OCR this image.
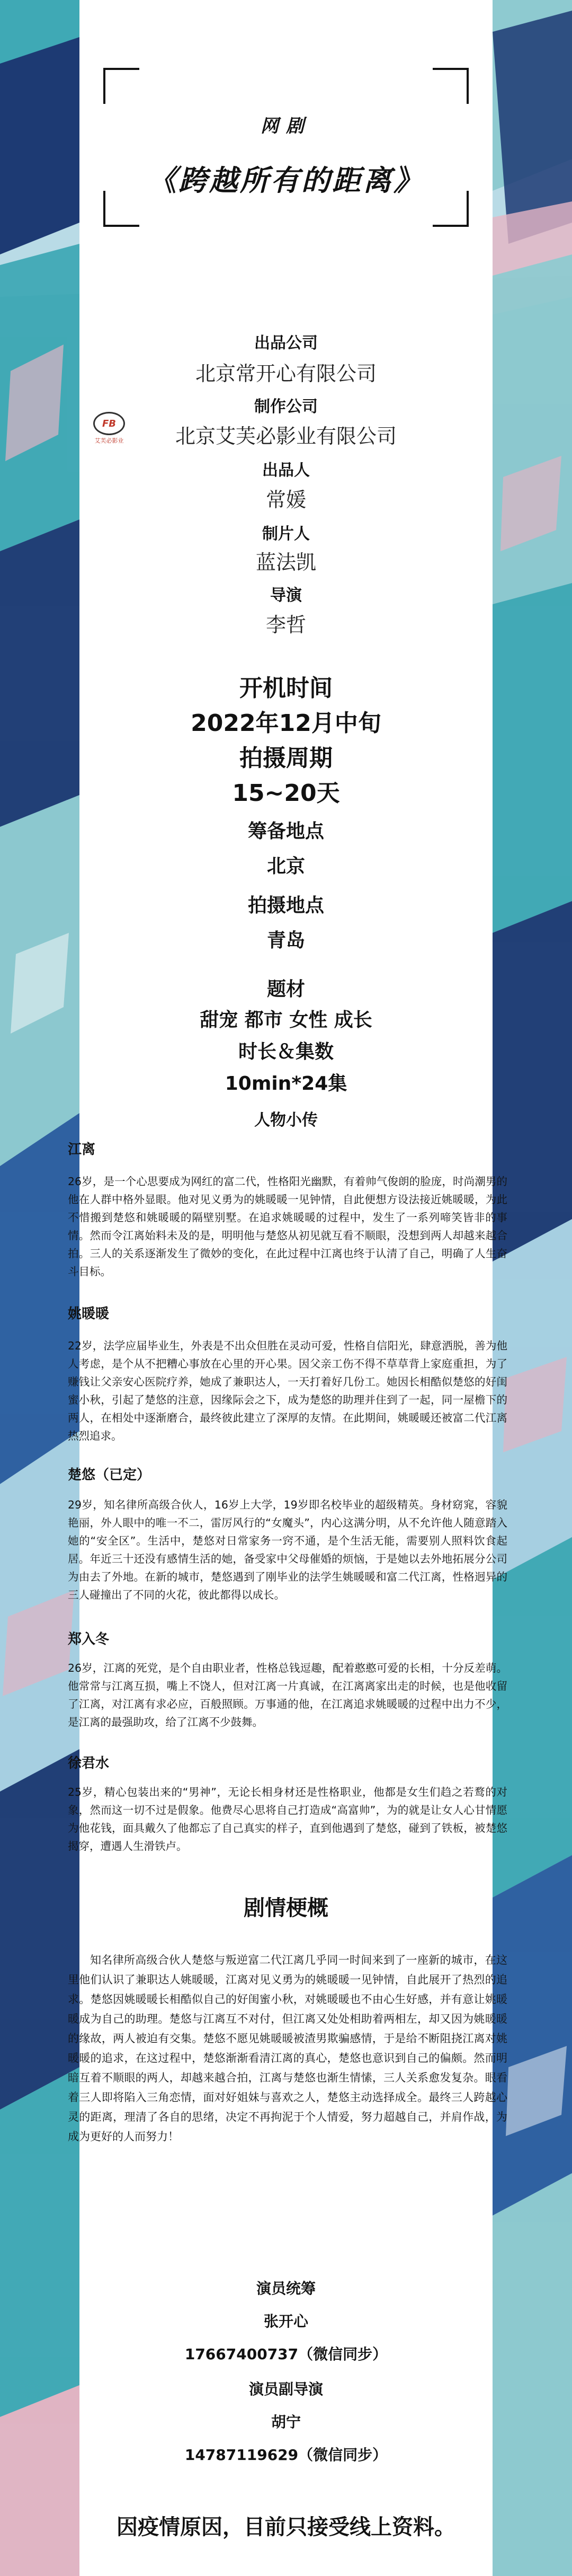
网剧
《跨越所有的距离》
出品公司
北京常开心有限公司
制作公司
FB
艾芙必影业	北京艾芙必影业有限公司
出品人
常媛
制片人
蓝法凯
导演
李哲
开机时间
2022年12月中旬
拍摄周期
15~20天
筹备地点
北京
拍摄地点
青岛
题材
甜宠 都市 女性 成长
时长＆集数
10min*24集
人物小传
江离
26岁，是一个心思要成为网红的富二代，性格阳光幽默，有着帅气俊朗的脸庞，时尚潮男的他在人群中格外显眼。他对见义勇为的姚暖暖一见钟情，自此便想方设法接近姚暖暖，为此不惜搬到楚悠和姚暖暖的隔壁别墅。在追求姚暖暖的过程中，发生了一系列啼笑皆非的事情。然而令江离始料未及的是，明明他与楚悠从初见就互看不顺眼，没想到两人却越来越合拍。三人的关系逐渐发生了微妙的变化，在此过程中江离也终于认清了自己，明确了人生奋斗目标。
姚暖暖
22岁，法学应届毕业生，外表是不出众但胜在灵动可爱，性格自信阳光，肆意洒脱，善为他人考虑，是个从不把糟心事放在心里的开心果。因父亲工伤不得不草草背上家庭重担，为了赚钱让父亲安心医院疗养，她成了兼职达人，一天打着好几份工。她因长相酷似楚悠的好闺蜜小秋，引起了楚悠的注意，因缘际会之下，成为楚悠的助理并住到了一起，同一屋檐下的两人，在相处中逐渐磨合，最终彼此建立了深厚的友情。在此期间，姚暖暖还被富二代江离热烈追求。
楚悠（已定）
29岁，知名律所高级合伙人，16岁上大学，19岁即名校毕业的超级精英。身材窈窕，容貌艳丽，外人眼中的唯一不二，雷厉风行的“女魔头”，内心这满分明，从不允许他人随意踏入她的“安全区”。生活中，楚悠对日常家务一窍不通，是个生活无能，需要别人照料饮食起居。年近三十还没有感情生活的她，备受家中父母催婚的烦恼，于是她以去外地拓展分公司为由去了外地。在新的城市，楚悠遇到了刚毕业的法学生姚暖暖和富二代江离，性格迥异的三人碰撞出了不同的火花，彼此都得以成长。
郑入冬
26岁，江离的死党，是个自由职业者，性格总钱逗趣，配着憨憨可爱的长相，十分反差萌。他常常与江离互损，嘴上不饶人，但对江离一片真诚，在江离离家出走的时候，也是他收留了江离，对江离有求必应，百般照顾。万事通的他，在江离追求姚暖暖的过程中出力不少，是江离的最强助攻，给了江离不少鼓舞。
徐君水
25岁，精心包装出来的“男神”，无论长相身材还是性格职业，他都是女生们趋之若鹜的对象，然而这一切不过是假象。他费尽心思将自己打造成“高富帅”，为的就是让女人心甘情愿为他花钱，面具戴久了他都忘了自己真实的样子，直到他遇到了楚悠，碰到了铁板，被楚悠揭穿，遭遇人生滑铁卢。
剧情梗概
知名律所高级合伙人楚悠与叛逆富二代江离几乎同一时间来到了一座新的城市，在这里他们认识了兼职达人姚暖暖，江离对见义勇为的姚暖暖一见钟情，自此展开了热烈的追求。楚悠因姚暖暖长相酷似自己的好闺蜜小秋，对姚暖暖也不由心生好感，并有意让姚暖暖成为自己的助理。楚悠与江离互不对付，但江离又处处相助着两相左，却又因为姚暖暖的缘故，两人被迫有交集。楚悠不愿见姚暖暖被渣男欺骗感情，于是给不断阻挠江离对姚暖暖的追求，在这过程中，楚悠渐渐看清江离的真心，楚悠也意识到自己的偏颇。然而明暗互着不顺眼的两人，却越来越合拍，江离与楚悠也渐生情愫，三人关系愈发复杂。眼看着三人即将陷入三角恋情，面对好姐妹与喜欢之人，楚悠主动选择成全。最终三人跨越心灵的距离，理清了各自的思绪，决定不再拘泥于个人情爱，努力超越自己，并肩作战，为成为更好的人而努力！
演员统筹
张开心
17667400737（微信同步）
演员副导演
胡宁
14787119629（微信同步）
因疫情原因，目前只接受线上资料。
